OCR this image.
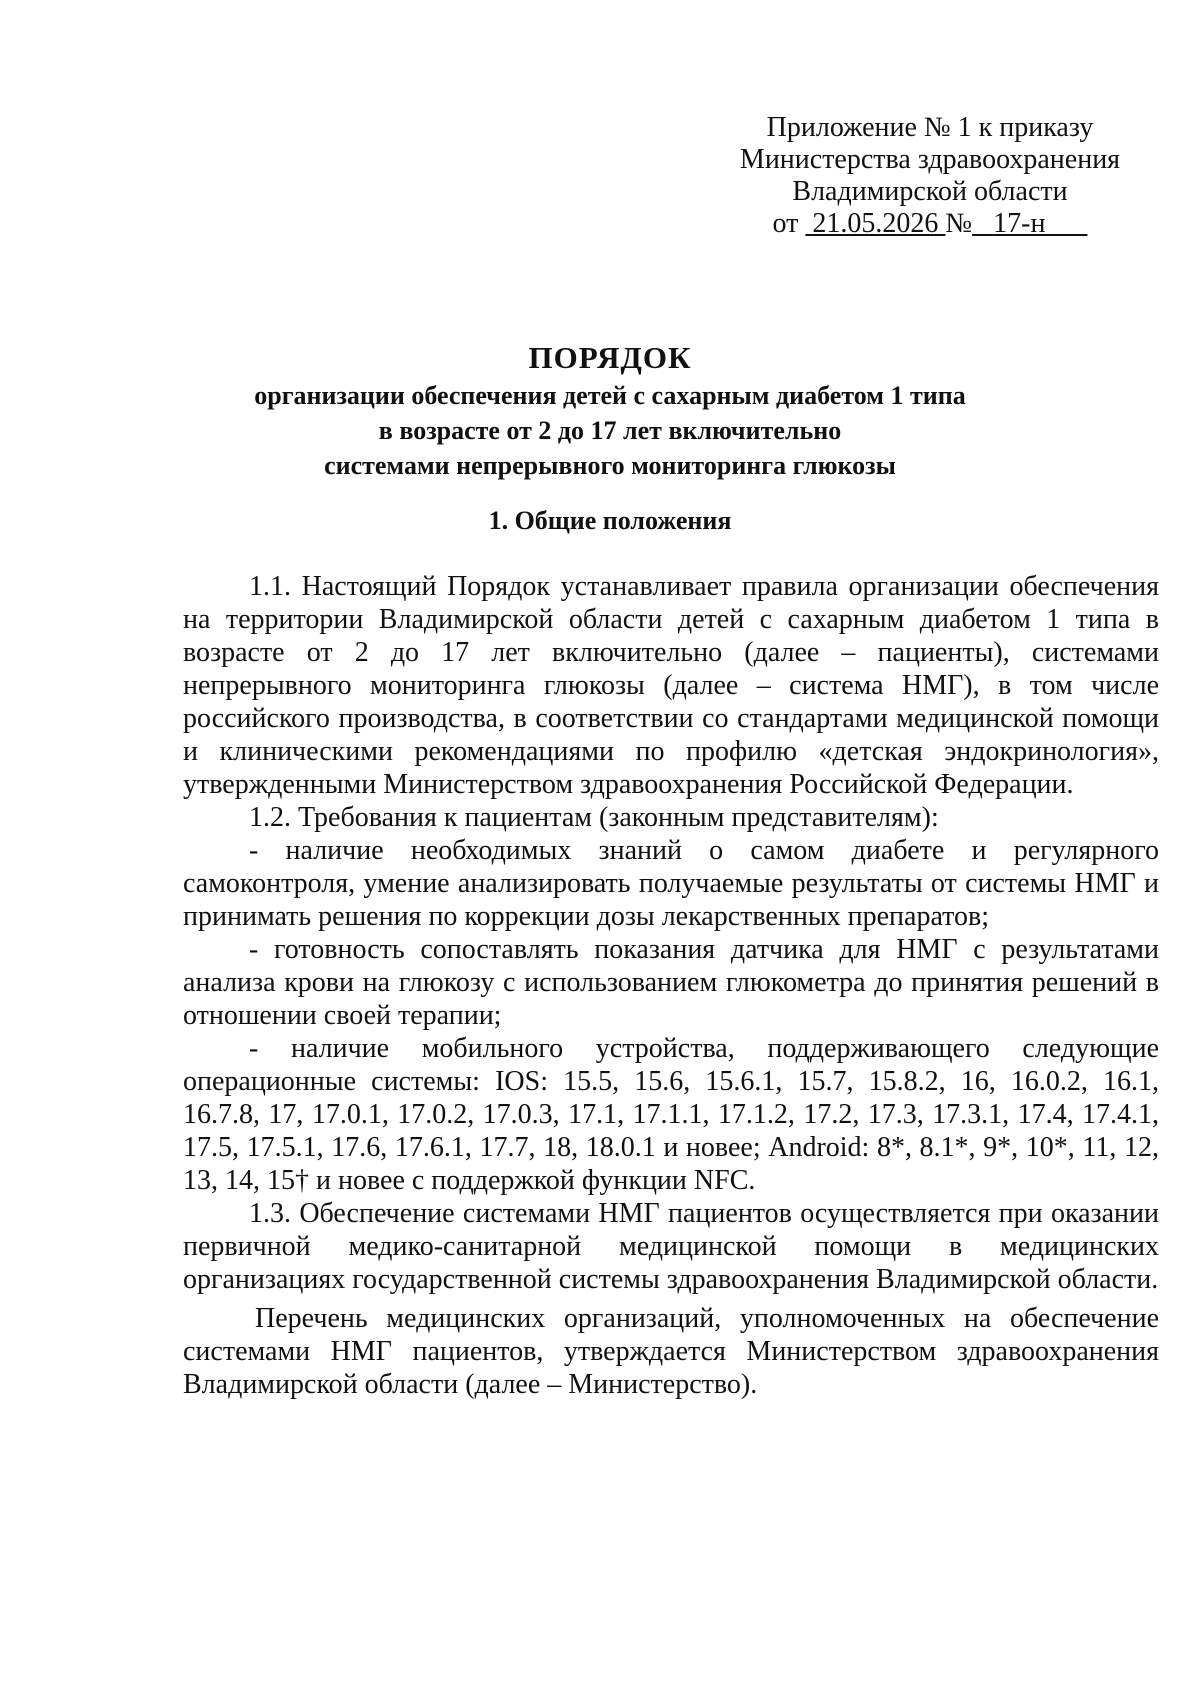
Приложение № 1 к приказу
Министерства здравоохранения
Владимирской области
от 21.05.2026 № 17-н
ПОРЯДОК
организации обеспечения детей с сахарным диабетом 1 типа
в возрасте от 2 до 17 лет включительно
системами непрерывного мониторинга глюкозы
1. Общие положения

1.1. Настоящий Порядок устанавливает правила организации обеспечения на территории Владимирской области детей с сахарным диабетом 1 типа в возрасте от 2 до 17 лет включительно (далее – пациенты), системами непрерывного мониторинга глюкозы (далее – система НМГ), в том числе российского производства, в соответствии со стандартами медицинской помощи и клиническими рекомендациями по профилю «детская эндокринология», утвержденными Министерством здравоохранения Российской Федерации.

1.2. Требования к пациентам (законным представителям):

- наличие необходимых знаний о самом диабете и регулярного самоконтроля, умение анализировать получаемые результаты от системы НМГ и принимать решения по коррекции дозы лекарственных препаратов;

- готовность сопоставлять показания датчика для НМГ с результатами анализа крови на глюкозу с использованием глюкометра до принятия решений в отношении своей терапии;

- наличие мобильного устройства, поддерживающего следующие операционные системы: IOS: 15.5, 15.6, 15.6.1, 15.7, 15.8.2, 16, 16.0.2, 16.1, 16.7.8, 17, 17.0.1, 17.0.2, 17.0.3, 17.1, 17.1.1, 17.1.2, 17.2, 17.3, 17.3.1, 17.4, 17.4.1, 17.5, 17.5.1, 17.6, 17.6.1, 17.7, 18, 18.0.1 и новее; Android: 8*, 8.1*, 9*, 10*, 11, 12, 13, 14, 15† и новее с поддержкой функции NFC.

1.3. Обеспечение системами НМГ пациентов осуществляется при оказании первичной медико-санитарной медицинской помощи в медицинских организациях государственной системы здравоохранения Владимирской области.

Перечень медицинских организаций, уполномоченных на обеспечение системами НМГ пациентов, утверждается Министерством здравоохранения Владимирской области (далее – Министерство).
